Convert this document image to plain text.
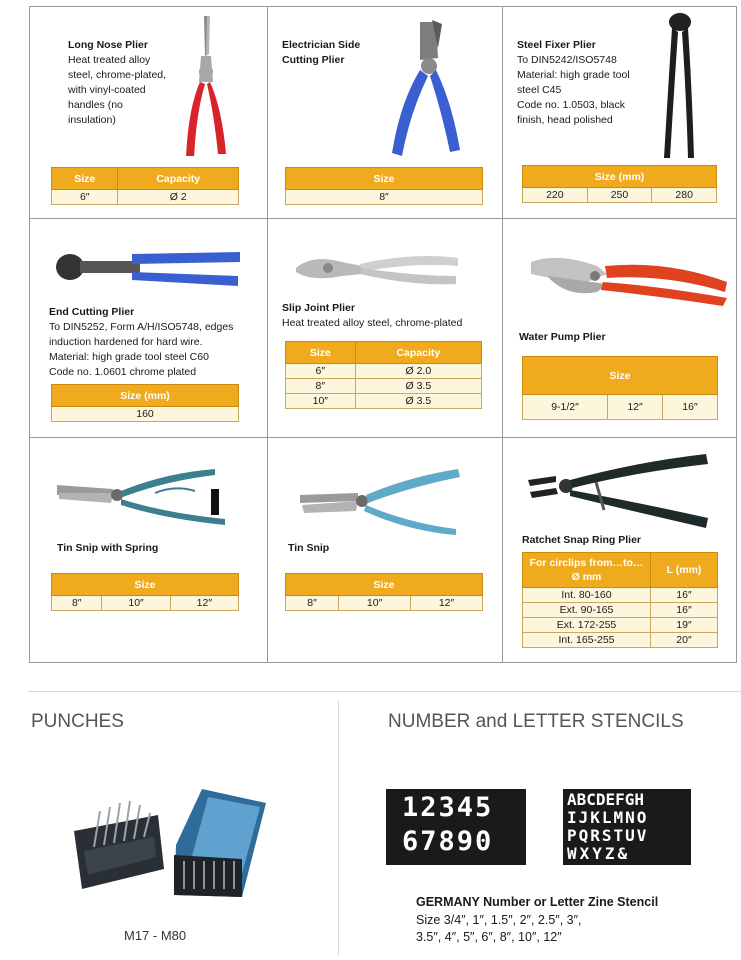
Long Nose Plier
Heat treated alloy
steel, chrome-plated,
with vinyl-coated
handles (no
insulation)
Size	Capacity
6″	Ø 2
Electrician Side
Cutting Plier
Size
8″
Steel Fixer Plier
To DIN5242/ISO5748
Material: high grade tool
steel C45
Code no. 1.0503, black
finish, head polished
Size (mm)
220	250	280
End Cutting Plier
To DIN5252, Form A/H/ISO5748, edges
induction hardened for hard wire.
Material: high grade tool steel C60
Code no. 1.0601 chrome plated
Size (mm)
160
Slip Joint Plier
Heat treated alloy steel, chrome-plated
Size	Capacity
6″	Ø 2.0
8″	Ø 3.5
10″	Ø 3.5
Water Pump Plier
Size
9-1/2″	12″	16″
Tin Snip with Spring
Size
8″	10″	12″
Tin Snip
Size
8″	10″	12″
Ratchet Snap Ring Plier
For circlips from…to…
Ø mm	L (mm)
Int. 80-160	16″
Ext. 90-165	16″
Ext. 172-255	19″
Int. 165-255	20″
PUNCHES
M17 - M80
NUMBER and LETTER STENCILS
12345
67890
ABCDEFGH
IJKLMNO
PQRSTUV
WXYZ&
GERMANY Number or Letter Zine Stencil
Size 3/4″, 1″, 1.5″, 2″, 2.5″, 3″,
3.5″, 4″, 5″, 6″, 8″, 10″, 12″
